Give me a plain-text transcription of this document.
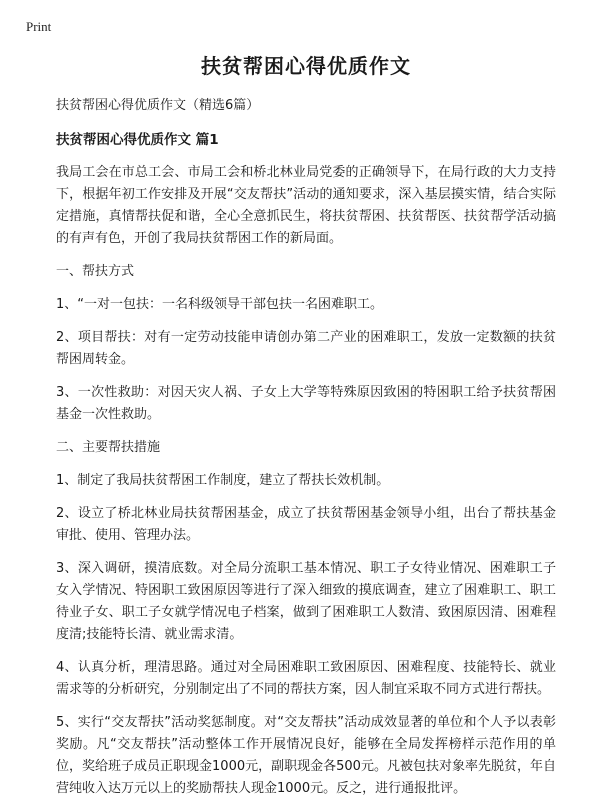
Print
扶贫帮困心得优质作文
扶贫帮困心得优质作文（精选6篇）
扶贫帮困心得优质作文 篇1

我局工会在市总工会、市局工会和桥北林业局党委的正确领导下，在局行政的大力支持下，根据年初工作安排及开展“交友帮扶”活动的通知要求，深入基层摸实情，结合实际定措施，真情帮扶促和谐，全心全意抓民生，将扶贫帮困、扶贫帮医、扶贫帮学活动搞的有声有色，开创了我局扶贫帮困工作的新局面。

一、帮扶方式

1、“一对一包扶：一名科级领导干部包扶一名困难职工。

2、项目帮扶：对有一定劳动技能申请创办第二产业的困难职工，发放一定数额的扶贫帮困周转金。

3、一次性救助：对因天灾人祸、子女上大学等特殊原因致困的特困职工给予扶贫帮困基金一次性救助。

二、主要帮扶措施

1、制定了我局扶贫帮困工作制度，建立了帮扶长效机制。

2、设立了桥北林业局扶贫帮困基金，成立了扶贫帮困基金领导小组，出台了帮扶基金审批、使用、管理办法。

3、深入调研，摸清底数。对全局分流职工基本情况、职工子女待业情况、困难职工子女入学情况、特困职工致困原因等进行了深入细致的摸底调查，建立了困难职工、职工待业子女、职工子女就学情况电子档案，做到了困难职工人数清、致困原因清、困难程度清;技能特长清、就业需求清。

4、认真分析，理清思路。通过对全局困难职工致困原因、困难程度、技能特长、就业需求等的分析研究，分别制定出了不同的帮扶方案，因人制宜采取不同方式进行帮扶。

5、实行“交友帮扶”活动奖惩制度。对“交友帮扶”活动成效显著的单位和个人予以表彰奖励。凡“交友帮扶”活动整体工作开展情况良好，能够在全局发挥榜样示范作用的单位，奖给班子成员正职现金1000元，副职现金各500元。凡被包扶对象率先脱贫，年自营纯收入达万元以上的奖励帮扶人现金1000元。反之，进行通报批评。
